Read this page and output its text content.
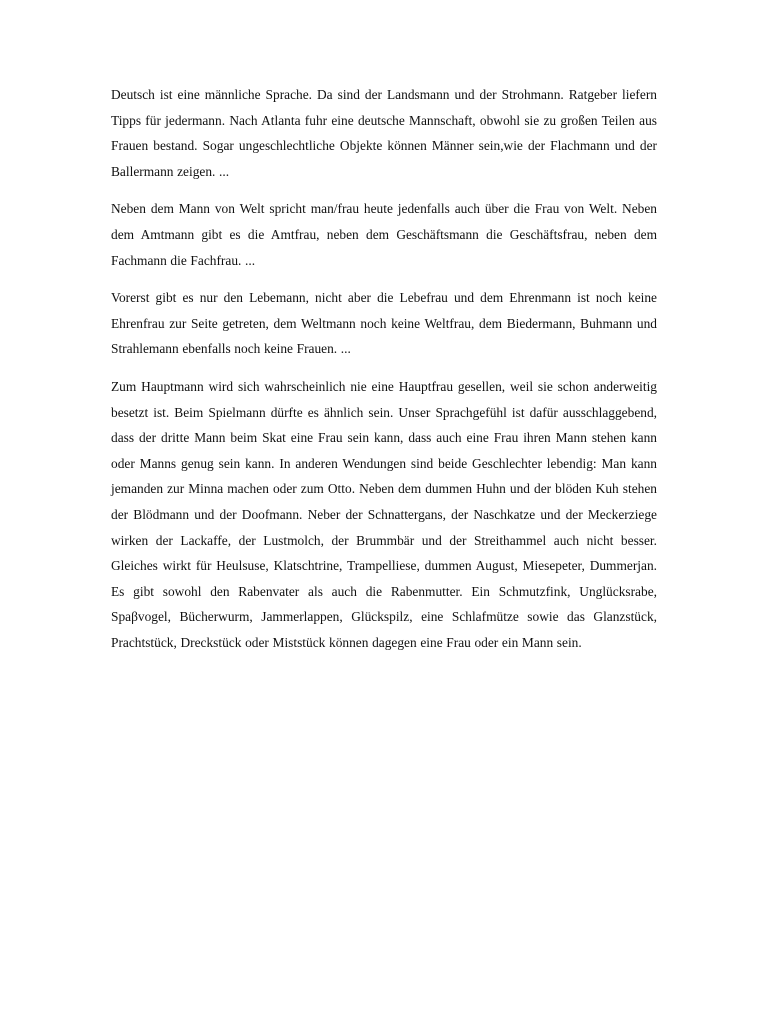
Deutsch ist eine männliche Sprache. Da sind der Landsmann und der Strohmann. Ratgeber liefern Tipps für jedermann. Nach Atlanta fuhr eine deutsche Mannschaft, obwohl sie zu großen Teilen aus Frauen bestand. Sogar ungeschlechtliche Objekte können Männer sein,wie der Flachmann und der Ballermann zeigen. ...

Neben dem Mann von Welt spricht man/frau heute jedenfalls auch über die Frau von Welt. Neben dem Amtmann gibt es die Amtfrau, neben dem Geschäftsmann die Geschäftsfrau, neben dem Fachmann die Fachfrau. ...

Vorerst gibt es nur den Lebemann, nicht aber die Lebefrau und dem Ehrenmann ist noch keine Ehrenfrau zur Seite getreten, dem Weltmann noch keine Weltfrau, dem Biedermann, Buhmann und Strahlemann ebenfalls noch keine Frauen. ...

Zum Hauptmann wird sich wahrscheinlich nie eine Hauptfrau gesellen, weil sie schon anderweitig besetzt ist. Beim Spielmann dürfte es ähnlich sein. Unser Sprachgefühl ist dafür ausschlaggebend, dass der dritte Mann beim Skat eine Frau sein kann, dass auch eine Frau ihren Mann stehen kann oder Manns genug sein kann. In anderen Wendungen sind beide Geschlechter lebendig: Man kann jemanden zur Minna machen oder zum Otto. Neben dem dummen Huhn und der blöden Kuh stehen der Blödmann und der Doofmann. Neber der Schnattergans, der Naschkatze und der Meckerziege wirken der Lackaffe, der Lustmolch, der Brummbär und der Streithammel auch nicht besser. Gleiches wirkt für Heulsuse, Klatschtrine, Trampelliese, dummen August, Miesepeter, Dummerjan. Es gibt sowohl den Rabenvater als auch die Rabenmutter. Ein Schmutzfink, Unglücksrabe, Spaβvogel, Bücherwurm, Jammerlappen, Glückspilz, eine Schlafmütze sowie das Glanzstück, Prachtstück, Dreckstück oder Miststück können dagegen eine Frau oder ein Mann sein.
